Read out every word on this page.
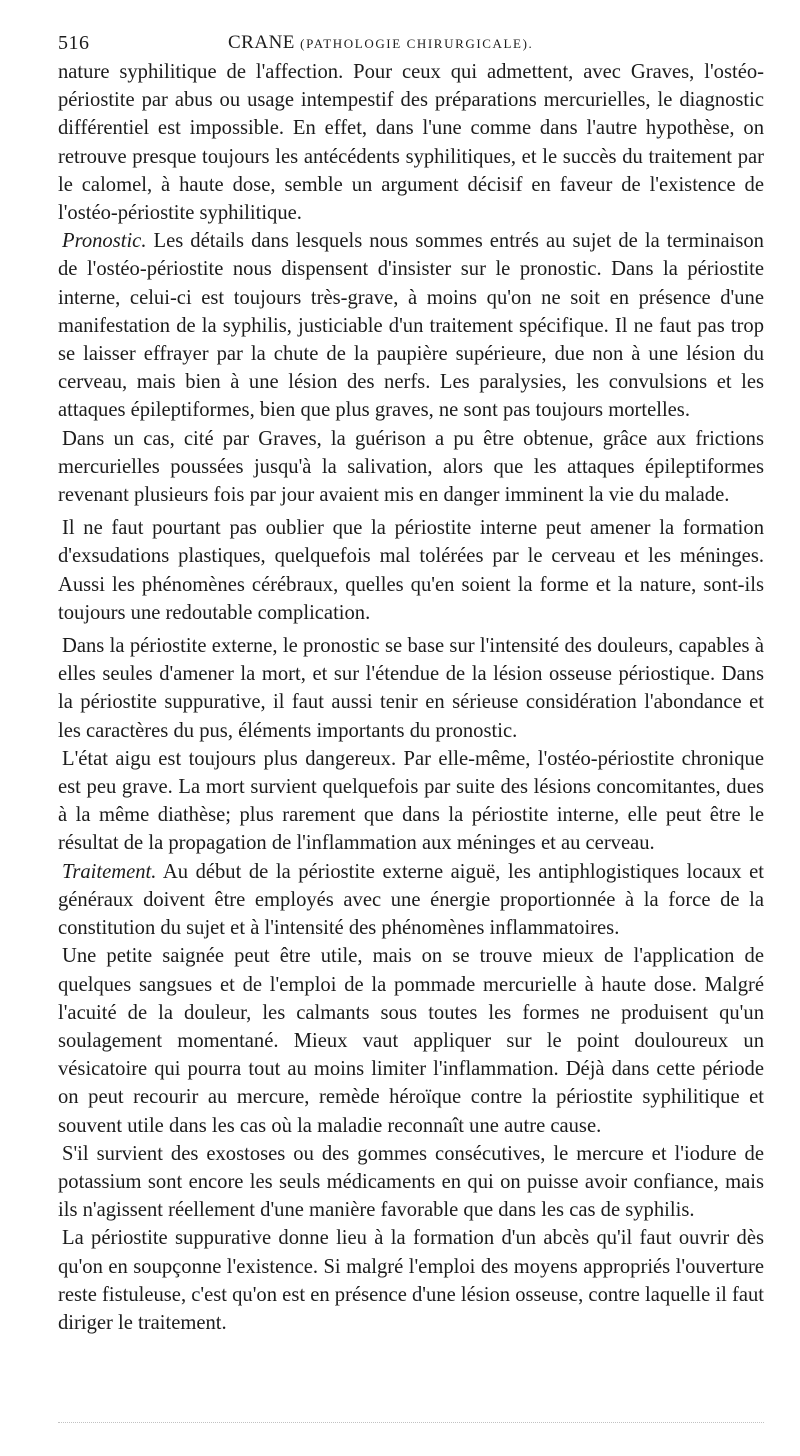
516	CRANE (PATHOLOGIE CHIRURGICALE).

nature syphilitique de l'affection. Pour ceux qui admettent, avec Graves, l'ostéo-périostite par abus ou usage intempestif des préparations mercurielles, le diagnostic différentiel est impossible. En effet, dans l'une comme dans l'autre hypothèse, on retrouve presque toujours les antécédents syphilitiques, et le succès du traitement par le calomel, à haute dose, semble un argument décisif en faveur de l'existence de l'ostéo-périostite syphilitique.

Pronostic. Les détails dans lesquels nous sommes entrés au sujet de la terminaison de l'ostéo-périostite nous dispensent d'insister sur le pronostic. Dans la périostite interne, celui-ci est toujours très-grave, à moins qu'on ne soit en présence d'une manifestation de la syphilis, justiciable d'un traitement spécifique. Il ne faut pas trop se laisser effrayer par la chute de la paupière supérieure, due non à une lésion du cerveau, mais bien à une lésion des nerfs. Les paralysies, les convulsions et les attaques épileptiformes, bien que plus graves, ne sont pas toujours mortelles.

Dans un cas, cité par Graves, la guérison a pu être obtenue, grâce aux frictions mercurielles poussées jusqu'à la salivation, alors que les attaques épileptiformes revenant plusieurs fois par jour avaient mis en danger imminent la vie du malade.

Il ne faut pourtant pas oublier que la périostite interne peut amener la formation d'exsudations plastiques, quelquefois mal tolérées par le cerveau et les méninges. Aussi les phénomènes cérébraux, quelles qu'en soient la forme et la nature, sont-ils toujours une redoutable complication.

Dans la périostite externe, le pronostic se base sur l'intensité des douleurs, capables à elles seules d'amener la mort, et sur l'étendue de la lésion osseuse périostique. Dans la périostite suppurative, il faut aussi tenir en sérieuse considération l'abondance et les caractères du pus, éléments importants du pronostic.

L'état aigu est toujours plus dangereux. Par elle-même, l'ostéo-périostite chronique est peu grave. La mort survient quelquefois par suite des lésions concomitantes, dues à la même diathèse; plus rarement que dans la périostite interne, elle peut être le résultat de la propagation de l'inflammation aux méninges et au cerveau.

Traitement. Au début de la périostite externe aiguë, les antiphlogistiques locaux et généraux doivent être employés avec une énergie proportionnée à la force de la constitution du sujet et à l'intensité des phénomènes inflammatoires.

Une petite saignée peut être utile, mais on se trouve mieux de l'application de quelques sangsues et de l'emploi de la pommade mercurielle à haute dose. Malgré l'acuité de la douleur, les calmants sous toutes les formes ne produisent qu'un soulagement momentané. Mieux vaut appliquer sur le point douloureux un vésicatoire qui pourra tout au moins limiter l'inflammation. Déjà dans cette période on peut recourir au mercure, remède héroïque contre la périostite syphilitique et souvent utile dans les cas où la maladie reconnaît une autre cause.

S'il survient des exostoses ou des gommes consécutives, le mercure et l'iodure de potassium sont encore les seuls médicaments en qui on puisse avoir confiance, mais ils n'agissent réellement d'une manière favorable que dans les cas de syphilis.

La périostite suppurative donne lieu à la formation d'un abcès qu'il faut ouvrir dès qu'on en soupçonne l'existence. Si malgré l'emploi des moyens appropriés l'ouverture reste fistuleuse, c'est qu'on est en présence d'une lésion osseuse, contre laquelle il faut diriger le traitement.
